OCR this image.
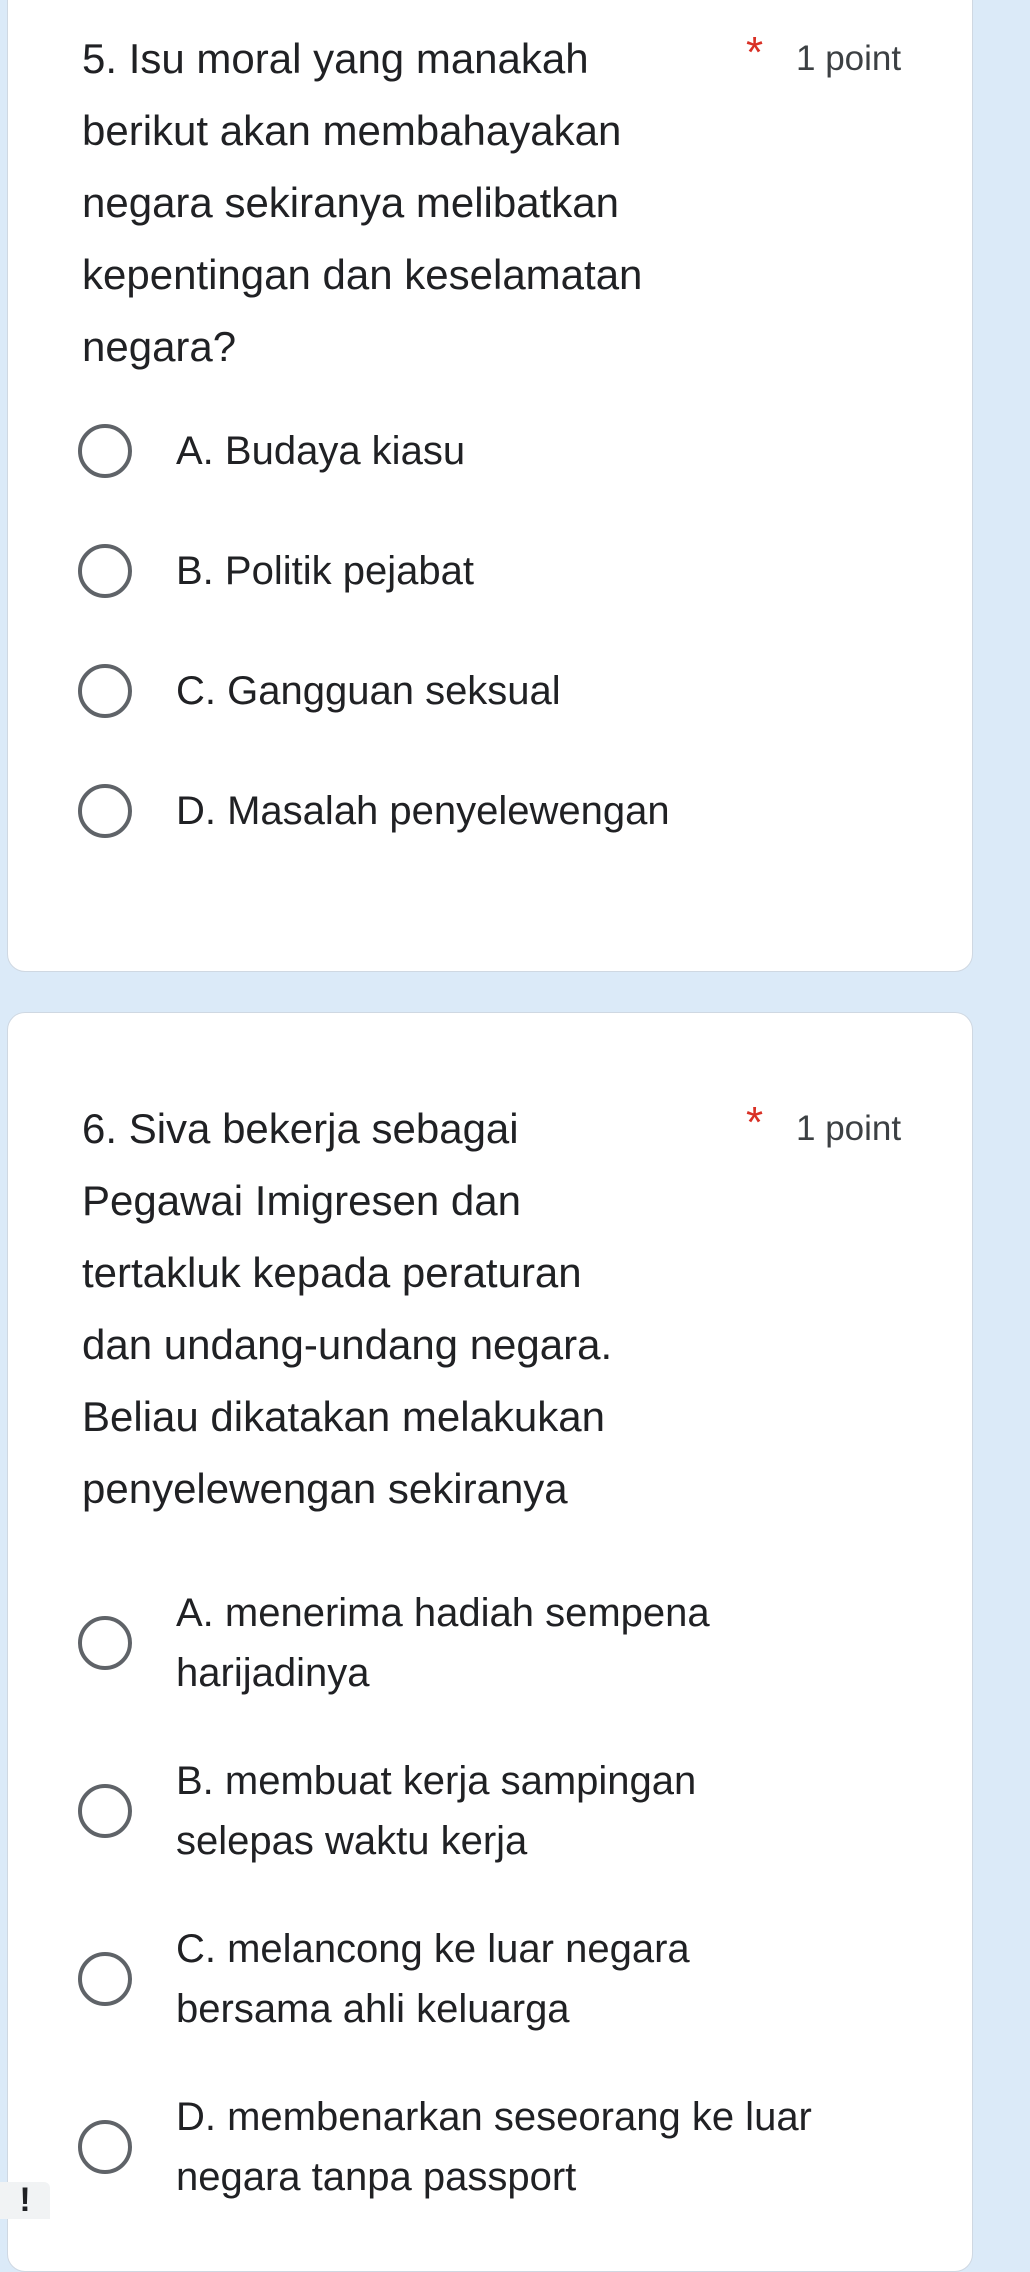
5. Isu moral yang manakah
berikut akan membahayakan
negara sekiranya melibatkan
kepentingan dan keselamatan
negara?
* 1 point
A. Budaya kiasu
B. Politik pejabat
C. Gangguan seksual
D. Masalah penyelewengan
6. Siva bekerja sebagai
Pegawai Imigresen dan
tertakluk kepada peraturan
dan undang-undang negara.
Beliau dikatakan melakukan
penyelewengan sekiranya
* 1 point
A. menerima hadiah sempena
harijadinya
B. membuat kerja sampingan
selepas waktu kerja
C. melancong ke luar negara
bersama ahli keluarga
D. membenarkan seseorang ke luar
negara tanpa passport
!
